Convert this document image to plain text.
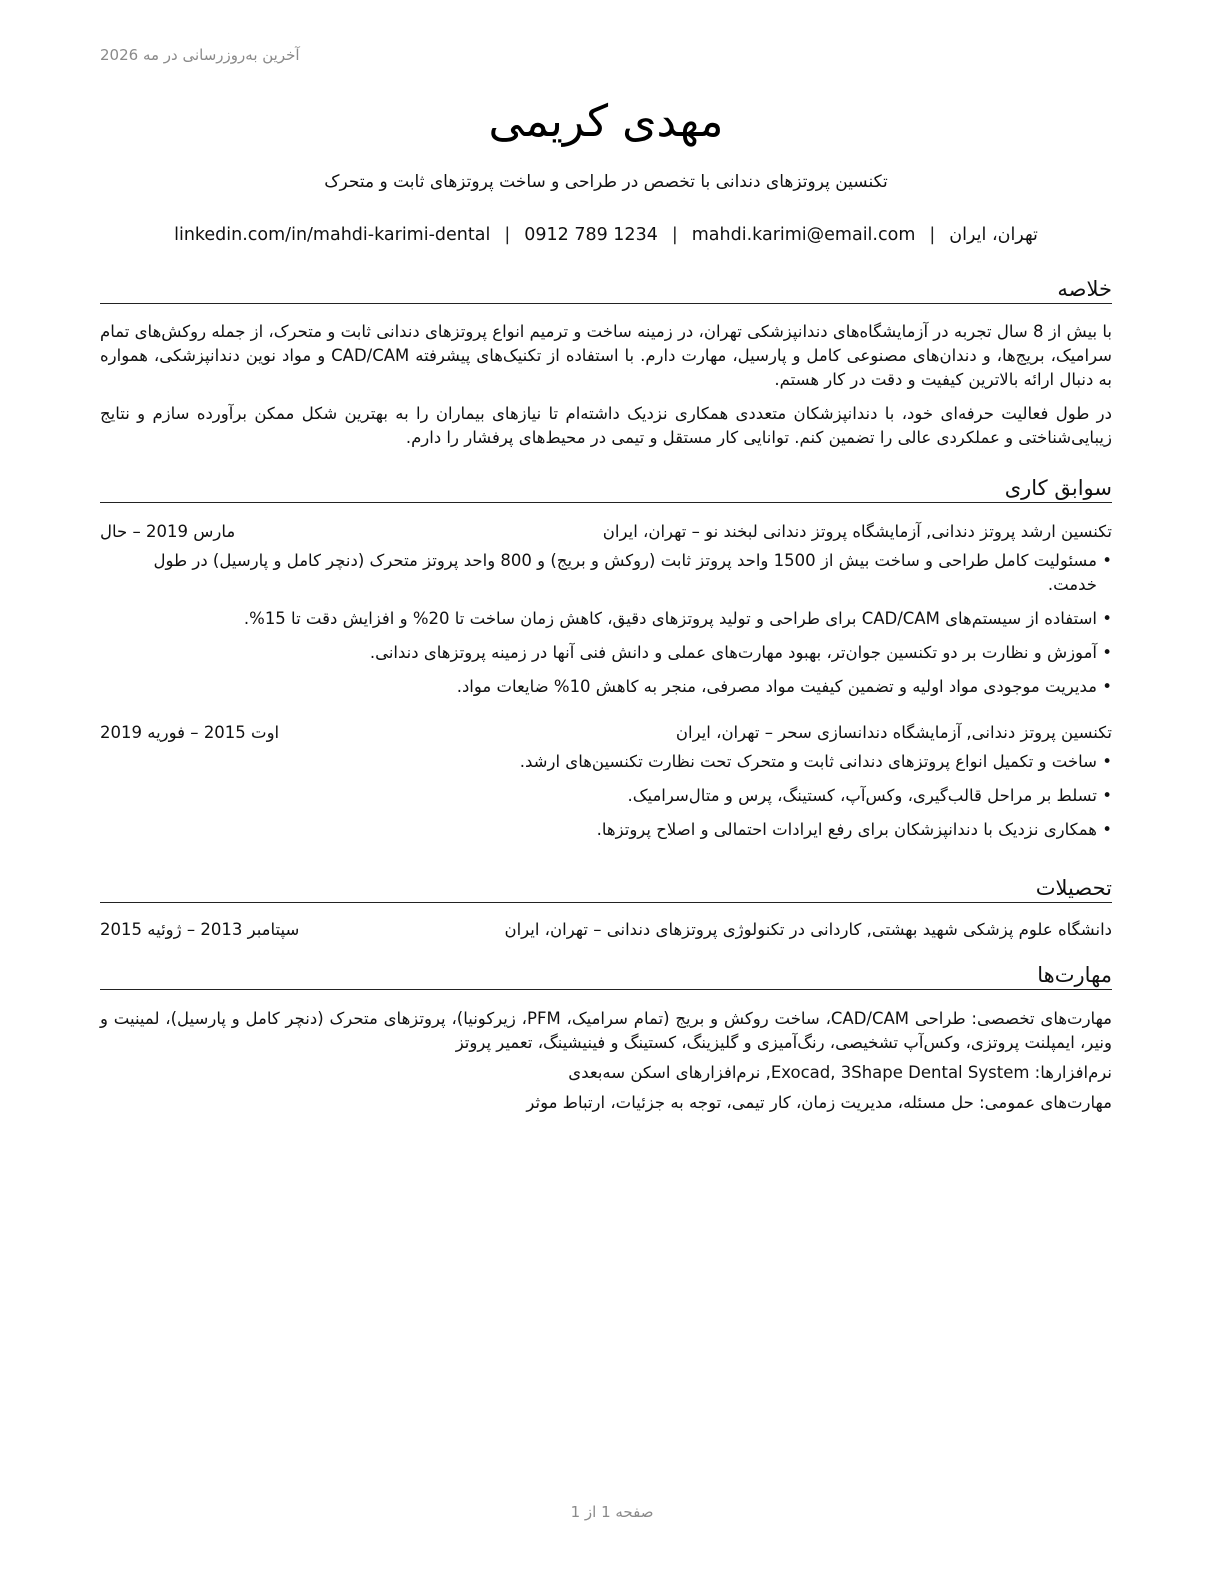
آخرین به‌روزرسانی در مه 2026
مهدی کریمی
تکنسین پروتزهای دندانی با تخصص در طراحی و ساخت پروتزهای ثابت و متحرک
تهران، ایران|mahdi.karimi@email.com|0912 789 1234|linkedin.com/in/mahdi-karimi-dental
خلاصه

با بیش از 8 سال تجربه در آزمایشگاه‌های دندانپزشکی تهران، در زمینه ساخت و ترمیم انواع پروتزهای دندانی ثابت و متحرک، از جمله روکش‌های تمام سرامیک، بریج‌ها، و دندان‌های مصنوعی کامل و پارسیل، مهارت دارم. با استفاده از تکنیک‌های پیشرفته CAD/CAM و مواد نوین دندانپزشکی، همواره به دنبال ارائه بالاترین کیفیت و دقت در کار هستم.

در طول فعالیت حرفه‌ای خود، با دندانپزشکان متعددی همکاری نزدیک داشته‌ام تا نیازهای بیماران را به بهترین شکل ممکن برآورده سازم و نتایج زیبایی‌شناختی و عملکردی عالی را تضمین کنم. توانایی کار مستقل و تیمی در محیط‌های پرفشار را دارم.

سوابق کاری
تکنسین ارشد پروتز دندانی, آزمایشگاه پروتز دندانی لبخند نو – تهران، ایران
مارس 2019 – حال
•
مسئولیت کامل طراحی و ساخت بیش از 1500 واحد پروتز ثابت (روکش و بریج) و 800 واحد پروتز متحرک (دنچر کامل و پارسیل) در طول خدمت.
•
استفاده از سیستم‌های CAD/CAM برای طراحی و تولید پروتزهای دقیق، کاهش زمان ساخت تا 20% و افزایش دقت تا 15%.
•
آموزش و نظارت بر دو تکنسین جوان‌تر، بهبود مهارت‌های عملی و دانش فنی آنها در زمینه پروتزهای دندانی.
•
مدیریت موجودی مواد اولیه و تضمین کیفیت مواد مصرفی، منجر به کاهش 10% ضایعات مواد.
تکنسین پروتز دندانی, آزمایشگاه دندانسازی سحر – تهران، ایران
اوت 2015 – فوریه 2019
•
ساخت و تکمیل انواع پروتزهای دندانی ثابت و متحرک تحت نظارت تکنسین‌های ارشد.
•
تسلط بر مراحل قالب‌گیری، وکس‌آپ، کستینگ، پرس و متال‌سرامیک.
•
همکاری نزدیک با دندانپزشکان برای رفع ایرادات احتمالی و اصلاح پروتزها.
تحصیلات
دانشگاه علوم پزشکی شهید بهشتی, کاردانی در تکنولوژی پروتزهای دندانی – تهران، ایران
سپتامبر 2013 – ژوئیه 2015
مهارت‌ها

مهارت‌های تخصصی: طراحی CAD/CAM، ساخت روکش و بریج (تمام سرامیک، PFM، زیرکونیا)، پروتزهای متحرک (دنچر کامل و پارسیل)، لمینیت و ونیر، ایمپلنت پروتزی، وکس‌آپ تشخیصی، رنگ‌آمیزی و گلیزینگ، کستینگ و فینیشینگ، تعمیر پروتز

نرم‌افزارها: Exocad, 3Shape Dental System, نرم‌افزارهای اسکن سه‌بعدی

مهارت‌های عمومی: حل مسئله، مدیریت زمان، کار تیمی، توجه به جزئیات، ارتباط موثر

صفحه 1 از 1
